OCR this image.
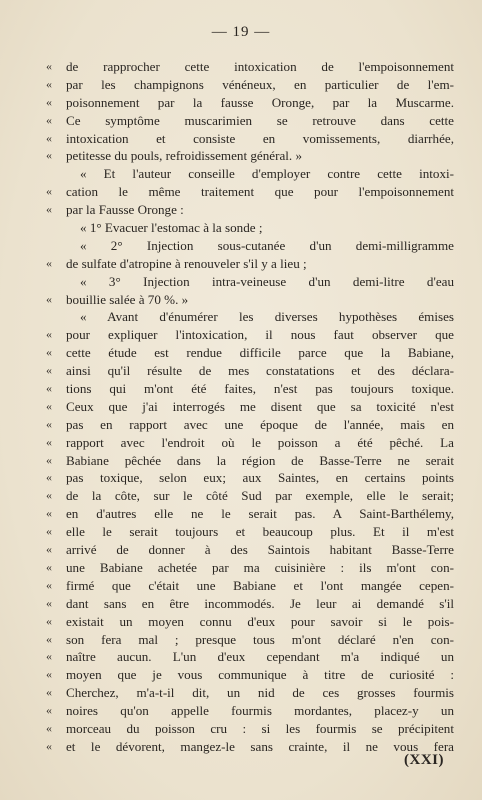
— 19 —
« de rapprocher cette intoxication de l'empoisonnement
« par les champignons vénéneux, en particulier de l'em-
« poisonnement par la fausse Oronge, par la Muscarme.
« Ce symptôme muscarimien se retrouve dans cette
« intoxication et consiste en vomissements, diarrhée,
« petitesse du pouls, refroidissement général. »
« Et l'auteur conseille d'employer contre cette intoxi-
« cation le même traitement que pour l'empoisonnement
« par la Fausse Oronge :
« 1° Evacuer l'estomac à la sonde ;
« 2° Injection sous-cutanée d'un demi-milligramme
« de sulfate d'atropine à renouveler s'il y a lieu ;
« 3° Injection intra-veineuse d'un demi-litre d'eau
« bouillie salée à 70 %. »
« Avant d'énumérer les diverses hypothèses émises
« pour expliquer l'intoxication, il nous faut observer que
« cette étude est rendue difficile parce que la Babiane,
« ainsi qu'il résulte de mes constatations et des déclara-
« tions qui m'ont été faites, n'est pas toujours toxique.
« Ceux que j'ai interrogés me disent que sa toxicité n'est
« pas en rapport avec une époque de l'année, mais en
« rapport avec l'endroit où le poisson a été pêché. La
« Babiane pêchée dans la région de Basse-Terre ne serait
« pas toxique, selon eux; aux Saintes, en certains points
« de la côte, sur le côté Sud par exemple, elle le serait;
« en d'autres elle ne le serait pas. A Saint-Barthélemy,
« elle le serait toujours et beaucoup plus. Et il m'est
« arrivé de donner à des Saintois habitant Basse-Terre
« une Babiane achetée par ma cuisinière : ils m'ont con-
« firmé que c'était une Babiane et l'ont mangée cepen-
« dant sans en être incommodés. Je leur ai demandé s'il
« existait un moyen connu d'eux pour savoir si le pois-
« son fera mal ; presque tous m'ont déclaré n'en con-
« naître aucun. L'un d'eux cependant m'a indiqué un
« moyen que je vous communique à titre de curiosité :
« Cherchez, m'a-t-il dit, un nid de ces grosses fourmis
« noires qu'on appelle fourmis mordantes, placez-y un
« morceau du poisson cru : si les fourmis se précipitent
« et le dévorent, mangez-le sans crainte, il ne vous fera
(XXI)
